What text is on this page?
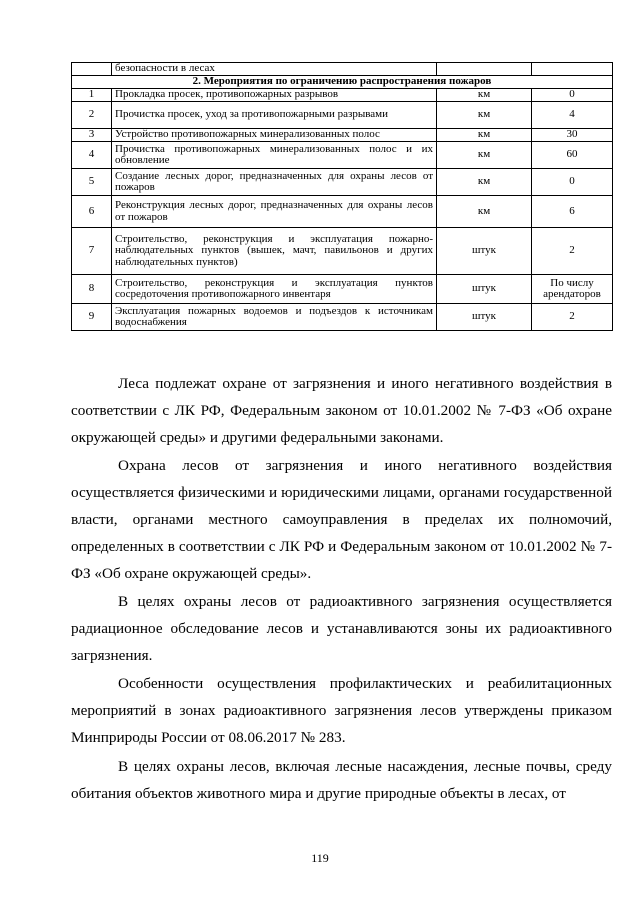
	безопасности в лесах		
2. Мероприятия по ограничению распространения пожаров			
1	Прокладка просек, противопожарных разрывов	км	0
2	Прочистка просек, уход за противопожарными разрывами	км	4
3	Устройство противопожарных минерализованных полос	км	30
4	Прочистка противопожарных минерализованных полос и их обновление	км	60
5	Создание лесных дорог, предназначенных для охраны лесов от пожаров	км	0
6	Реконструкция лесных дорог, предназначенных для охраны лесов от пожаров	км	6
7	Строительство, реконструкция и эксплуатация пожарно-наблюдательных пунктов (вышек, мачт, павильонов и других наблюдательных пунктов)	штук	2
8	Строительство, реконструкция и эксплуатация пунктов сосредоточения противопожарного инвентаря	штук	По числу арендаторов
9	Эксплуатация пожарных водоемов и подъездов к источникам водоснабжения	штук	2

Леса подлежат охране от загрязнения и иного негативного воздействия в соответствии с ЛК РФ, Федеральным законом от 10.01.2002 № 7-ФЗ «Об охране окружающей среды» и другими федеральными законами.

Охрана лесов от загрязнения и иного негативного воздействия осуществляется физическими и юридическими лицами, органами государственной власти, органами местного самоуправления в пределах их полномочий, определенных в соответствии с ЛК РФ и Федеральным законом от 10.01.2002 № 7-ФЗ «Об охране окружающей среды».

В целях охраны лесов от радиоактивного загрязнения осуществляется радиационное обследование лесов и устанавливаются зоны их радиоактивного загрязнения.

Особенности осуществления профилактических и реабилитационных мероприятий в зонах радиоактивного загрязнения лесов утверждены приказом Минприроды России от 08.06.2017 № 283.

В целях охраны лесов, включая лесные насаждения, лесные почвы, среду обитания объектов животного мира и другие природные объекты в лесах, от

119
